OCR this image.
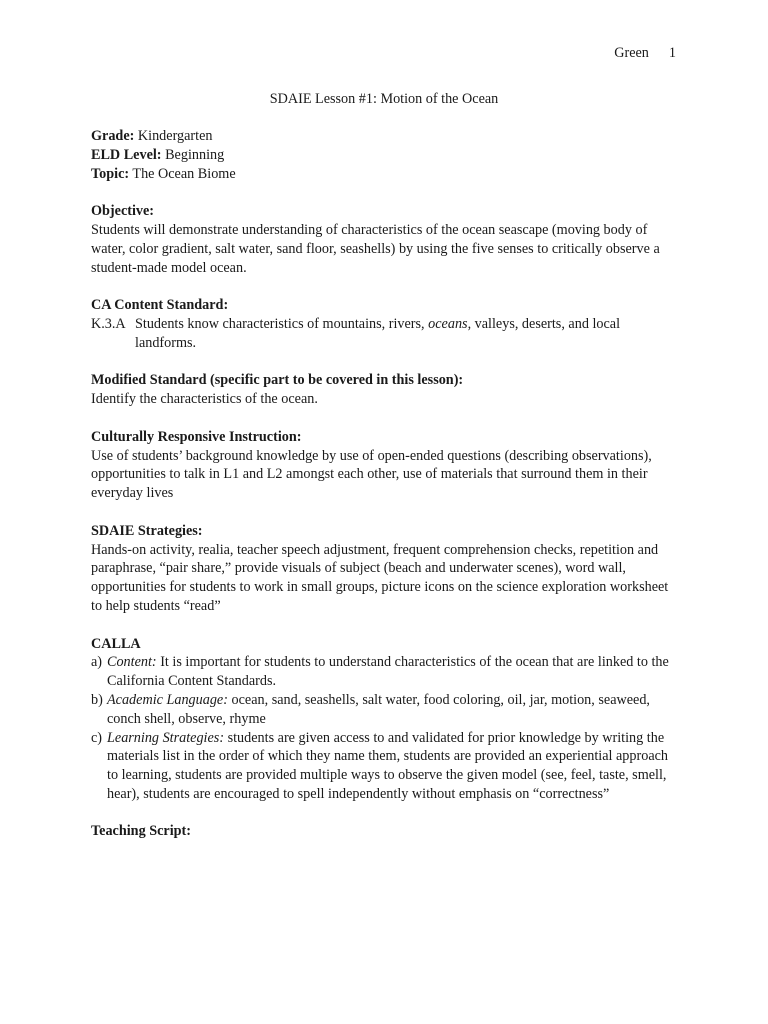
Green 1
SDAIE Lesson #1: Motion of the Ocean

Grade: Kindergarten

ELD Level: Beginning

Topic: The Ocean Biome

Objective:

Students will demonstrate understanding of characteristics of the ocean seascape (moving body of water, color gradient, salt water, sand floor, seashells) by using the five senses to critically observe a student-made model ocean.

CA Content Standard:

K.3.A Students know characteristics of mountains, rivers, oceans, valleys, deserts, and local landforms.

Modified Standard (specific part to be covered in this lesson):

Identify the characteristics of the ocean.

Culturally Responsive Instruction:

Use of students’ background knowledge by use of open-ended questions (describing observations), opportunities to talk in L1 and L2 amongst each other, use of materials that surround them in their everyday lives

SDAIE Strategies:

Hands-on activity, realia, teacher speech adjustment, frequent comprehension checks, repetition and paraphrase, “pair share,” provide visuals of subject (beach and underwater scenes), word wall, opportunities for students to work in small groups, picture icons on the science exploration worksheet to help students “read”

CALLA

a) Content: It is important for students to understand characteristics of the ocean that are linked to the California Content Standards.
b) Academic Language: ocean, sand, seashells, salt water, food coloring, oil, jar, motion, seaweed, conch shell, observe, rhyme
c) Learning Strategies: students are given access to and validated for prior knowledge by writing the materials list in the order of which they name them, students are provided an experiential approach to learning, students are provided multiple ways to observe the given model (see, feel, taste, smell, hear), students are encouraged to spell independently without emphasis on “correctness”

Teaching Script:
